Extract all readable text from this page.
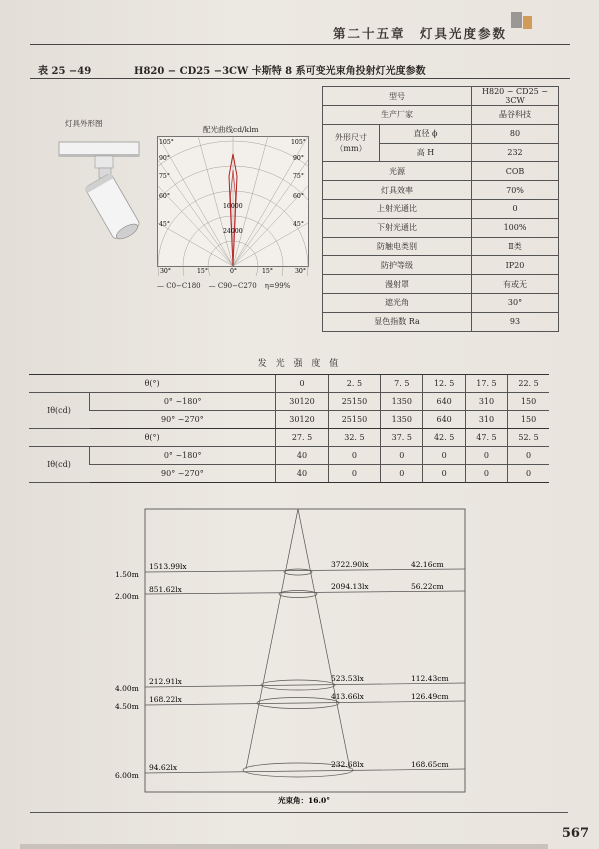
第二十五章　灯具光度参数
表 25 −49	H820 − CD25 −3CW 卡斯特 8 系可变光束角投射灯光度参数
灯具外形图
配光曲线cd/klm
105°
90°
75°
60°
45°
105°
90°
75°
60°
45°
16000
24000
30°	15°	0°	15°	30°
— C0−C180 — C90−C270 η=99%
型号		H820 − CD25 − 3CW
生产厂家		晶谷科技
外形尺寸
（mm）	直径 ϕ	80
	高 H	232
光源		COB
灯具效率		70%
上射光通比		0
下射光通比		100%
防触电类别		Ⅱ类
防护等级		IP20
漫射罩		有或无
遮光角		30°
显色指数 Ra		93
发 光 强 度 值
θ(°)		0	2. 5	7. 5	12. 5	17. 5	22. 5
Iθ(cd)	0° ~180°	30120	25150	1350	640	310	150
	90° ~270°	30120	25150	1350	640	310	150
θ(°)		27. 5	32. 5	37. 5	42. 5	47. 5	52. 5
Iθ(cd)	0° ~180°	40	0	0	0	0	0
	90° ~270°	40	0	0	0	0	0
1.50m
1513.99lx	3722.90lx	42.16cm
2.00m
851.62lx	2094.13lx	56.22cm
4.00m
212.91lx	523.53lx	112.43cm
4.50m
168.22lx	413.66lx	126.49cm
6.00m
94.62lx	232.68lx	168.65cm
光束角：16.0°
567
